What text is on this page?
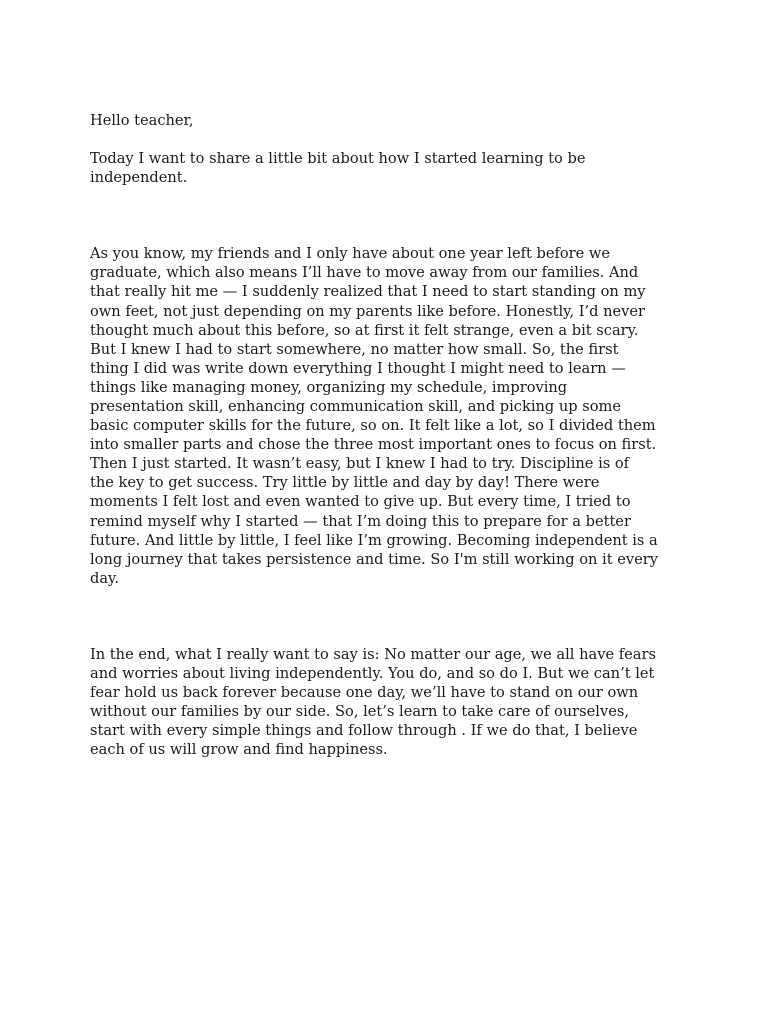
Hello teacher,

Today I want to share a little bit about how I started learning to be
independent.

As you know, my friends and I only have about one year left before we
graduate, which also means I’ll have to move away from our families. And
that really hit me — I suddenly realized that I need to start standing on my
own feet, not just depending on my parents like before. Honestly, I’d never
thought much about this before, so at first it felt strange, even a bit scary.
But I knew I had to start somewhere, no matter how small. So, the first
thing I did was write down everything I thought I might need to learn —
things like managing money, organizing my schedule, improving
presentation skill, enhancing communication skill, and picking up some
basic computer skills for the future, so on. It felt like a lot, so I divided them
into smaller parts and chose the three most important ones to focus on first.
Then I just started. It wasn’t easy, but I knew I had to try. Discipline is of
the key to get success. Try little by little and day by day! There were
moments I felt lost and even wanted to give up. But every time, I tried to
remind myself why I started — that I’m doing this to prepare for a better
future. And little by little, I feel like I’m growing. Becoming independent is a
long journey that takes persistence and time. So I'm still working on it every
day.

In the end, what I really want to say is: No matter our age, we all have fears
and worries about living independently. You do, and so do I. But we can’t let
fear hold us back forever because one day, we’ll have to stand on our own
without our families by our side. So, let’s learn to take care of ourselves,
start with every simple things and follow through . If we do that, I believe
each of us will grow and find happiness.
